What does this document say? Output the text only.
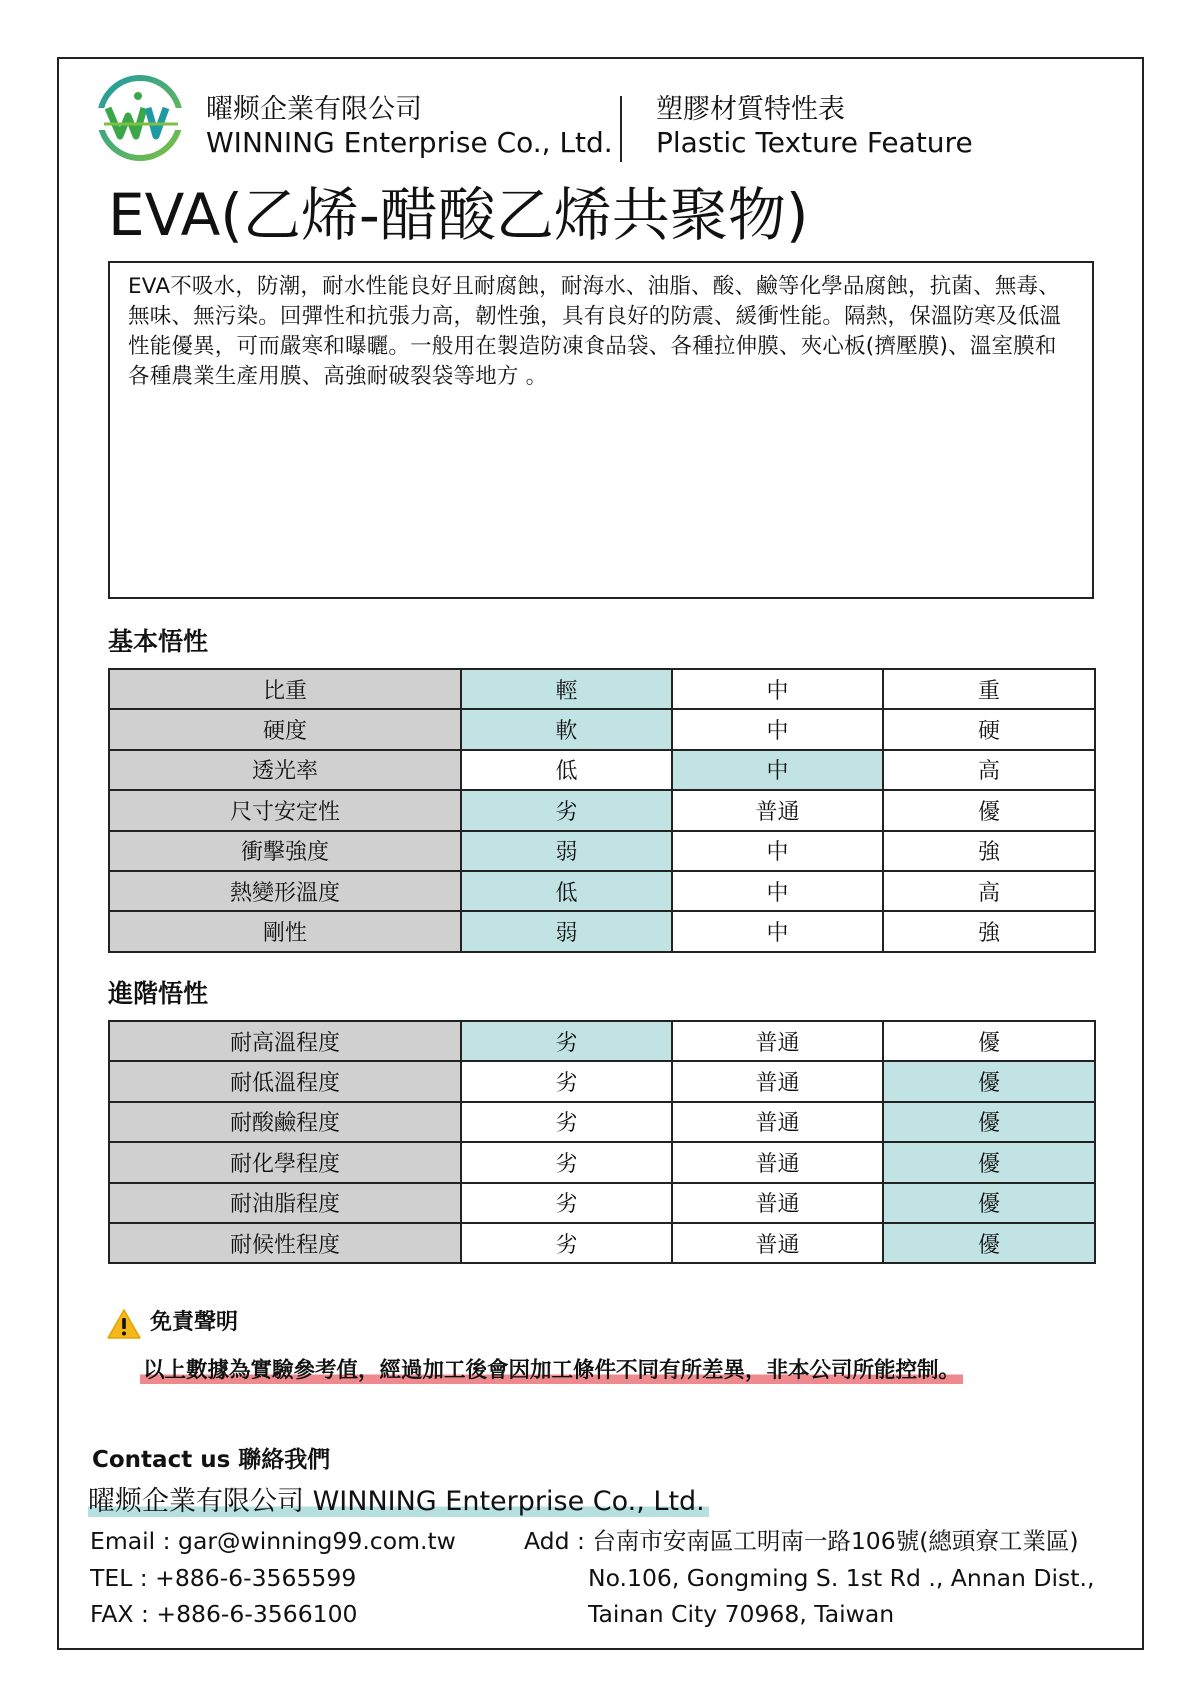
曜𫖯企業有限公司
WINNING Enterprise Co., Ltd.
塑膠材質特性表
Plastic Texture Feature
EVA(乙烯-醋酸乙烯共聚物)

EVA不吸水，防潮，耐水性能良好且耐腐蝕，耐海水、油脂、酸、鹼等化學品腐蝕，抗菌、無毒、無味、無污染。回彈性和抗張力高，韌性強，具有良好的防震、緩衝性能。隔熱，保溫防寒及低溫性能優異，可而嚴寒和曝曬。一般用在製造防凍食品袋、各種拉伸膜、夾心板(擠壓膜)、溫室膜和各種農業生產用膜、高強耐破裂袋等地方 。

基本悟性
比重	輕	中	重
硬度	軟	中	硬
透光率	低	中	高
尺寸安定性	劣	普通	優
衝擊強度	弱	中	強
熱變形溫度	低	中	高
剛性	弱	中	強
進階悟性
耐高溫程度	劣	普通	優
耐低溫程度	劣	普通	優
耐酸鹼程度	劣	普通	優
耐化學程度	劣	普通	優
耐油脂程度	劣	普通	優
耐候性程度	劣	普通	優
免責聲明
以上數據為實驗參考值，經過加工後會因加工條件不同有所差異，非本公司所能控制。
Contact us 聯絡我們
曜𫖯企業有限公司 WINNING Enterprise Co., Ltd.
Email : gar@winning99.com.tw
TEL : +886-6-3565599
FAX : +886-6-3566100
Add : 台南市安南區工明南一路106號(總頭寮工業區)
No.106, Gongming S. 1st Rd ., Annan Dist.,
Tainan City 70968, Taiwan
